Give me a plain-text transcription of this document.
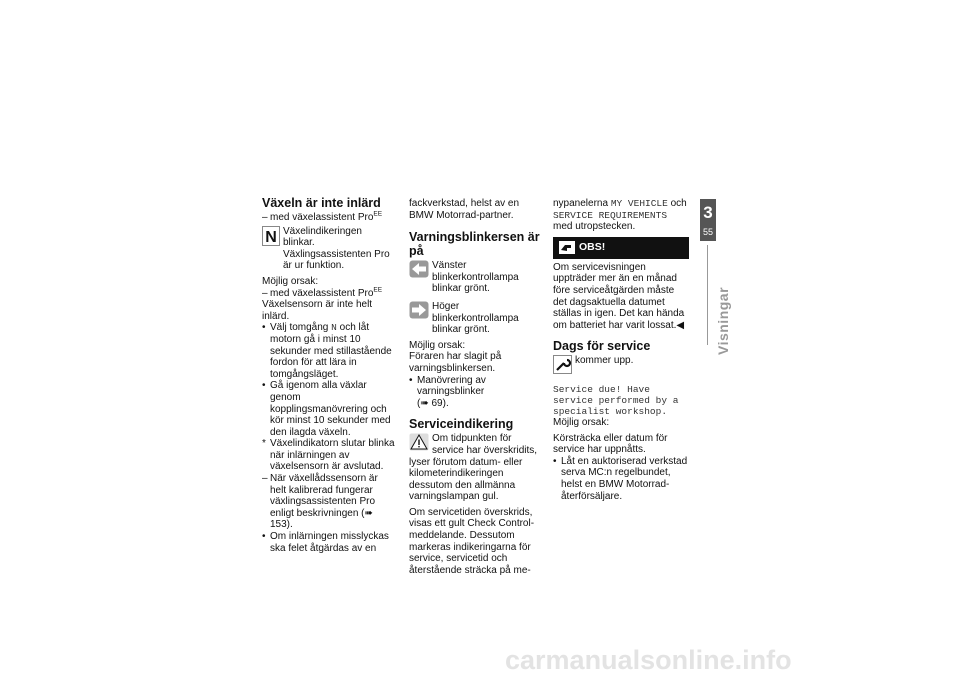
Växeln är inte inlärd

– med växelassistent Pro$^{EE}$

N Växelindikeringen blinkar. Växlingsassistenten Pro är ur funktion.

Möjlig orsak:

– med växelassistent Pro$^{EE}$

Växelsensorn är inte helt inlärd.

• Välj tomgång N och låt motorn gå i minst 10 sekunder med stillastående fordon för att lära in tomgångsläget.

• Gå igenom alla växlar genom kopplingsmanövrering och kör minst 10 sekunder med den ilagda växeln.

* Växelindikatorn slutar blinka när inlärningen av växelsensorn är avslutad.

– När växellådssensorn är helt kalibrerad fungerar växlingsassistenten Pro enligt beskrivningen (➠ 153).

• Om inlärningen misslyckas ska felet åtgärdas av en

fackverkstad, helst av en BMW Motorrad-partner.

Varningsblinkersen är på

Vänster blinkerkontrollampa blinkar grönt.
Höger blinkerkontrollampa blinkar grönt.

Möjlig orsak:

Föraren har slagit på varningsblinkersen.

• Manövrering av varningsblinker
(➠ 69).

Serviceindikering

Om tidpunkten för service har överskridits, lyser förutom datum- eller kilometerindikeringen dessutom den allmänna varningslampan gul.

Om servicetiden överskrids, visas ett gult Check Control-meddelande. Dessutom markeras indikeringarna för service, servicetid och återstående sträcka på me-

nypanelerna MY VEHICLE och SERVICE REQUIREMENTS med utropstecken.

OBS!

Om servicevisningen uppträder mer än en månad före serviceåtgärden måste det dagsaktuella datumet ställas in igen. Det kan hända om batteriet har varit lossat.◀

Dags för service

kommer upp.

Service due! Have service performed by a specialist workshop.

Möjlig orsak:

Körsträcka eller datum för service har uppnåtts.

• Låt en auktoriserad verkstad serva MC:n regelbundet, helst en BMW Motorrad-återförsäljare.

3
55
Visningar
carmanualsonline.info
